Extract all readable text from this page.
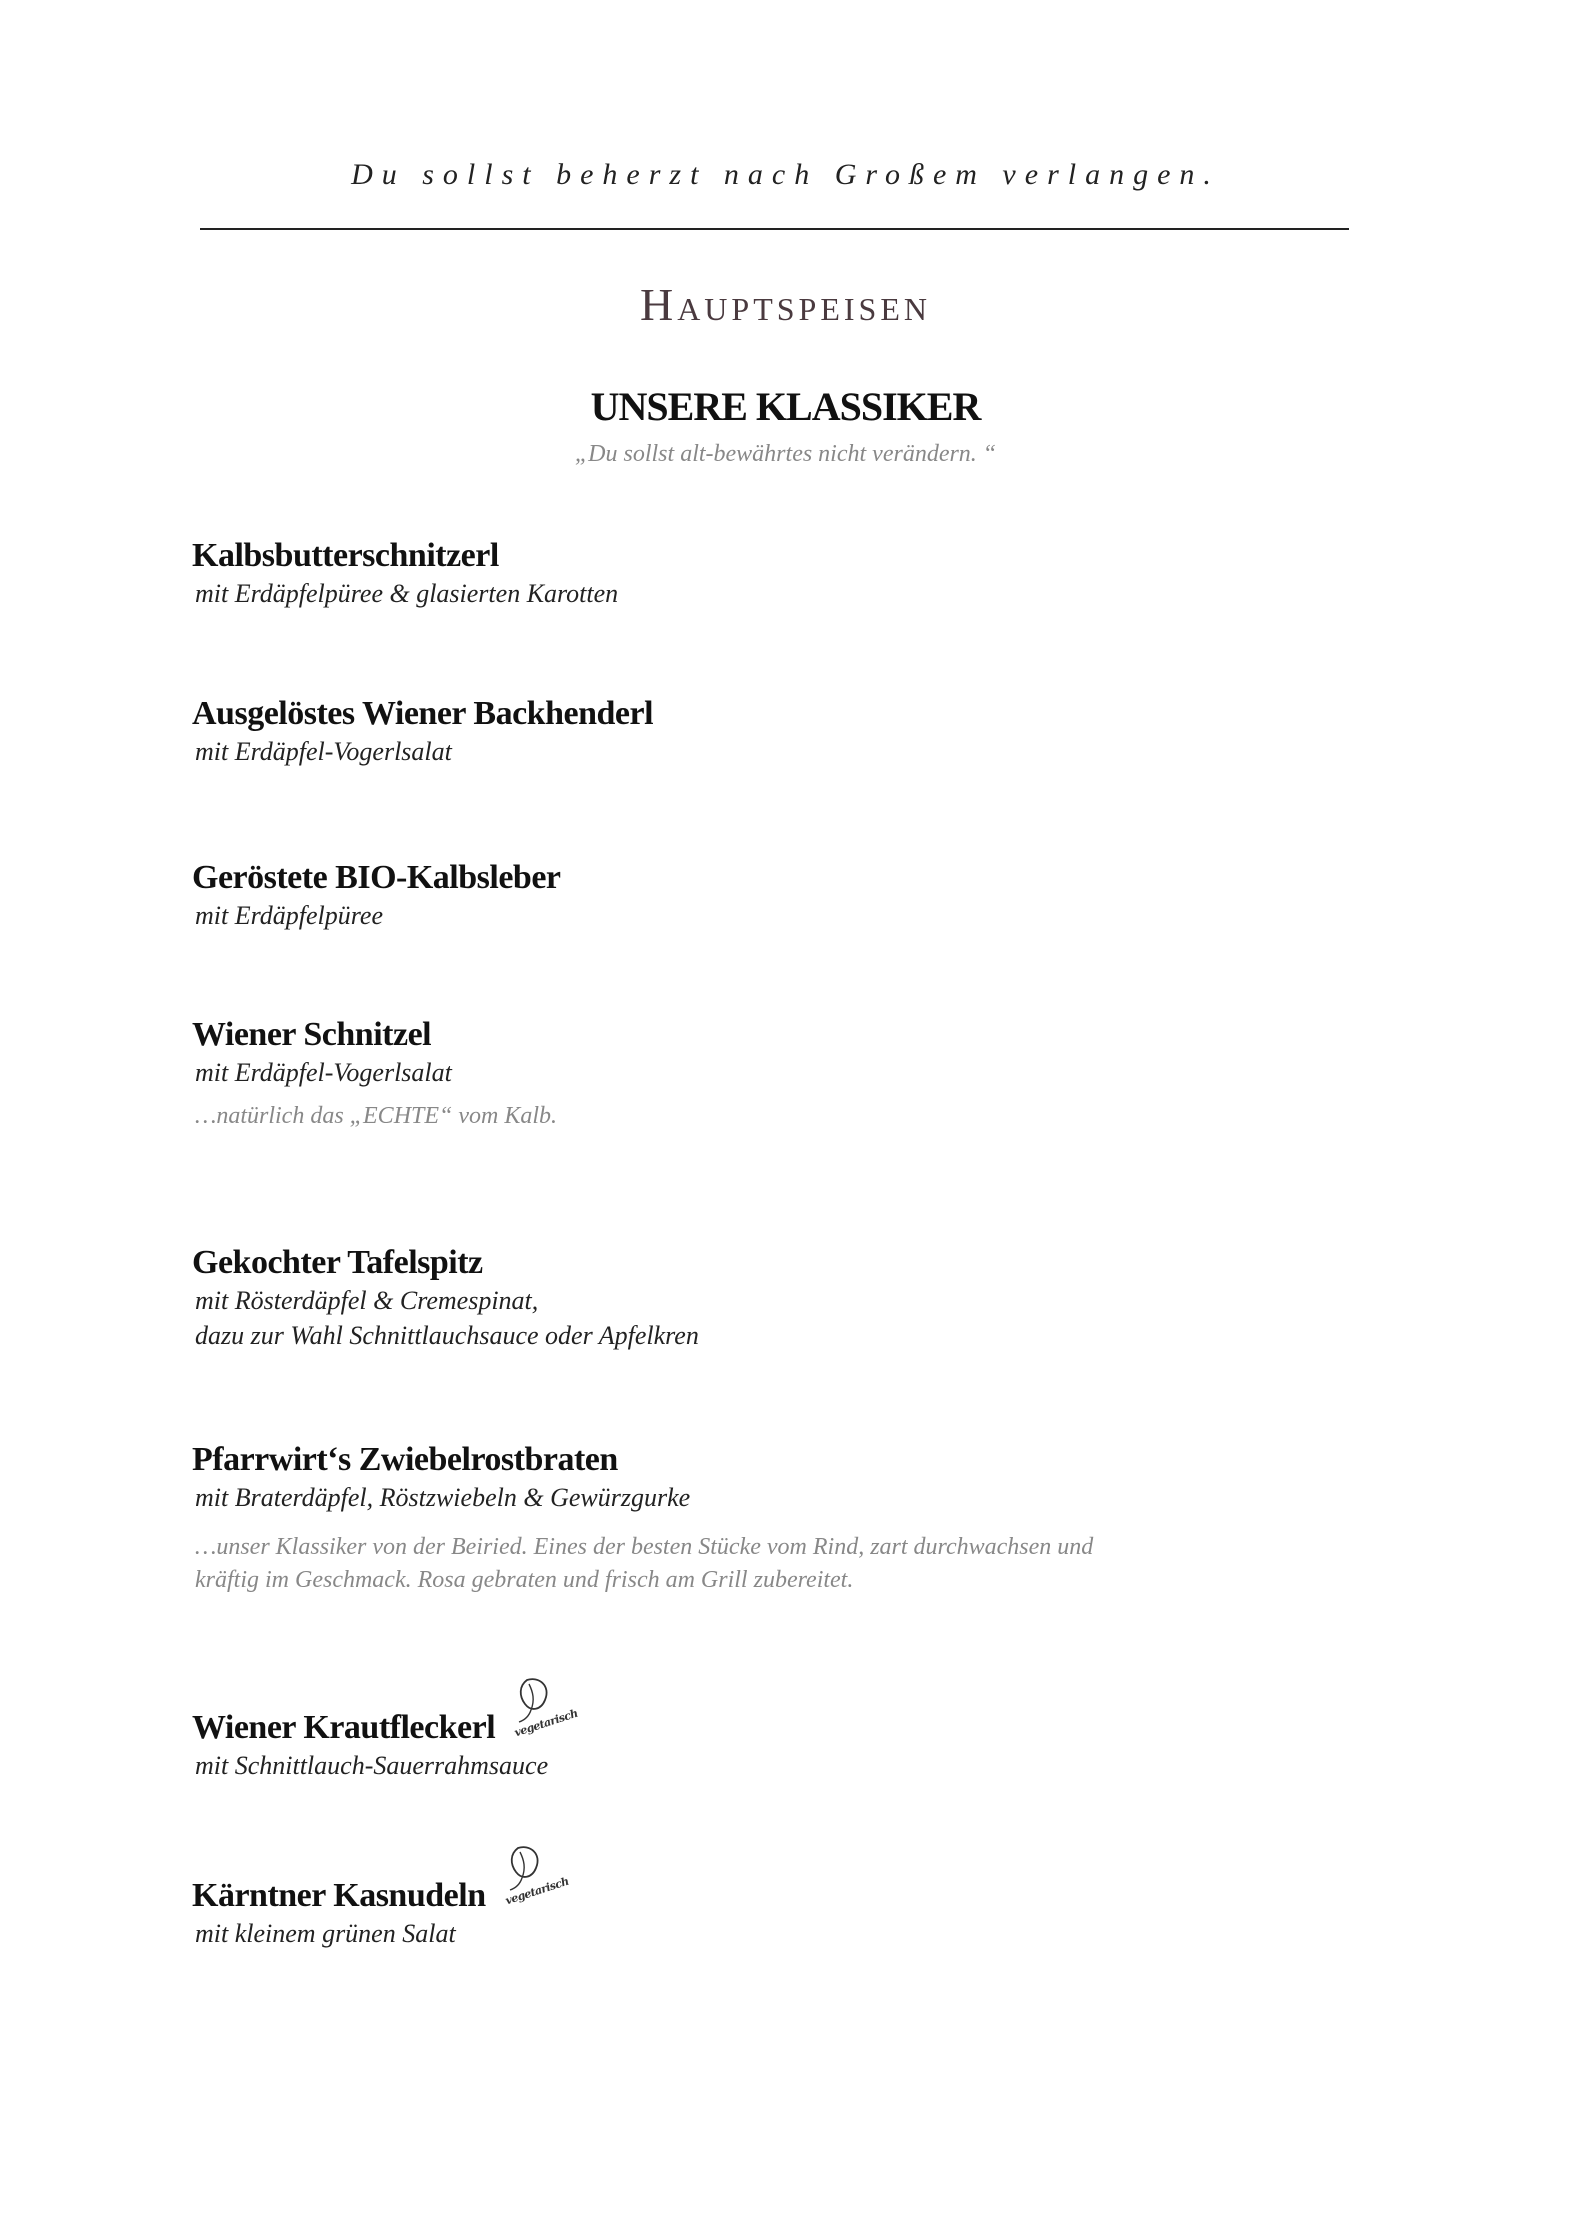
Du sollst beherzt nach Großem verlangen.
Hauptspeisen
UNSERE KLASSIKER
„Du sollst alt-bewährtes nicht verändern. “
Kalbsbutterschnitzerl
mit Erdäpfelpüree & glasierten Karotten
Ausgelöstes Wiener Backhenderl
mit Erdäpfel-Vogerlsalat
Geröstete BIO-Kalbsleber
mit Erdäpfelpüree
Wiener Schnitzel
mit Erdäpfel-Vogerlsalat
…natürlich das „ECHTE“ vom Kalb.
Gekochter Tafelspitz
mit Rösterdäpfel & Cremespinat,
dazu zur Wahl Schnittlauchsauce oder Apfelkren
Pfarrwirt‘s Zwiebelrostbraten
mit Braterdäpfel, Röstzwiebeln & Gewürzgurke
…unser Klassiker von der Beiried. Eines der besten Stücke vom Rind, zart durchwachsen und
kräftig im Geschmack. Rosa gebraten und frisch am Grill zubereitet.
Wiener Krautfleckerl vegetarisch
mit Schnittlauch-Sauerrahmsauce
Kärntner Kasnudeln vegetarisch
mit kleinem grünen Salat
